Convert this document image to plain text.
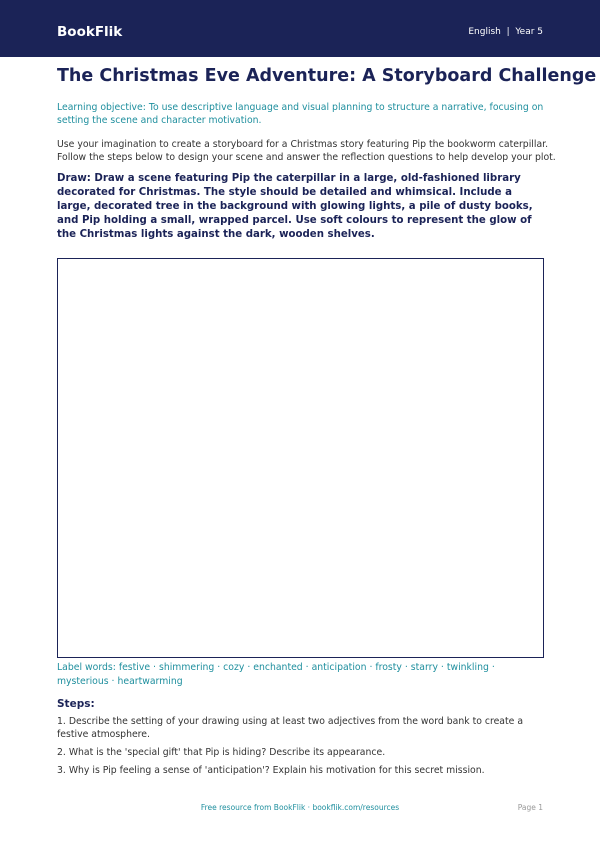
BookFlik	English  |  Year 5
The Christmas Eve Adventure: A Storyboard Challenge

Learning objective: To use descriptive language and visual planning to structure a narrative, focusing on setting the scene and character motivation.

Use your imagination to create a storyboard for a Christmas story featuring Pip the bookworm caterpillar. Follow the steps below to design your scene and answer the reflection questions to help develop your plot.

Draw: Draw a scene featuring Pip the caterpillar in a large, old-fashioned library decorated for Christmas. The style should be detailed and whimsical. Include a large, decorated tree in the background with glowing lights, a pile of dusty books, and Pip holding a small, wrapped parcel. Use soft colours to represent the glow of the Christmas lights against the dark, wooden shelves.

Label words: festive · shimmering · cozy · enchanted · anticipation · frosty · starry · twinkling · mysterious · heartwarming

Steps:
1. Describe the setting of your drawing using at least two adjectives from the word bank to create a festive atmosphere.
2. What is the 'special gift' that Pip is hiding? Describe its appearance.
3. Why is Pip feeling a sense of 'anticipation'? Explain his motivation for this secret mission.
Free resource from BookFlik · bookflik.com/resources	Page 1
